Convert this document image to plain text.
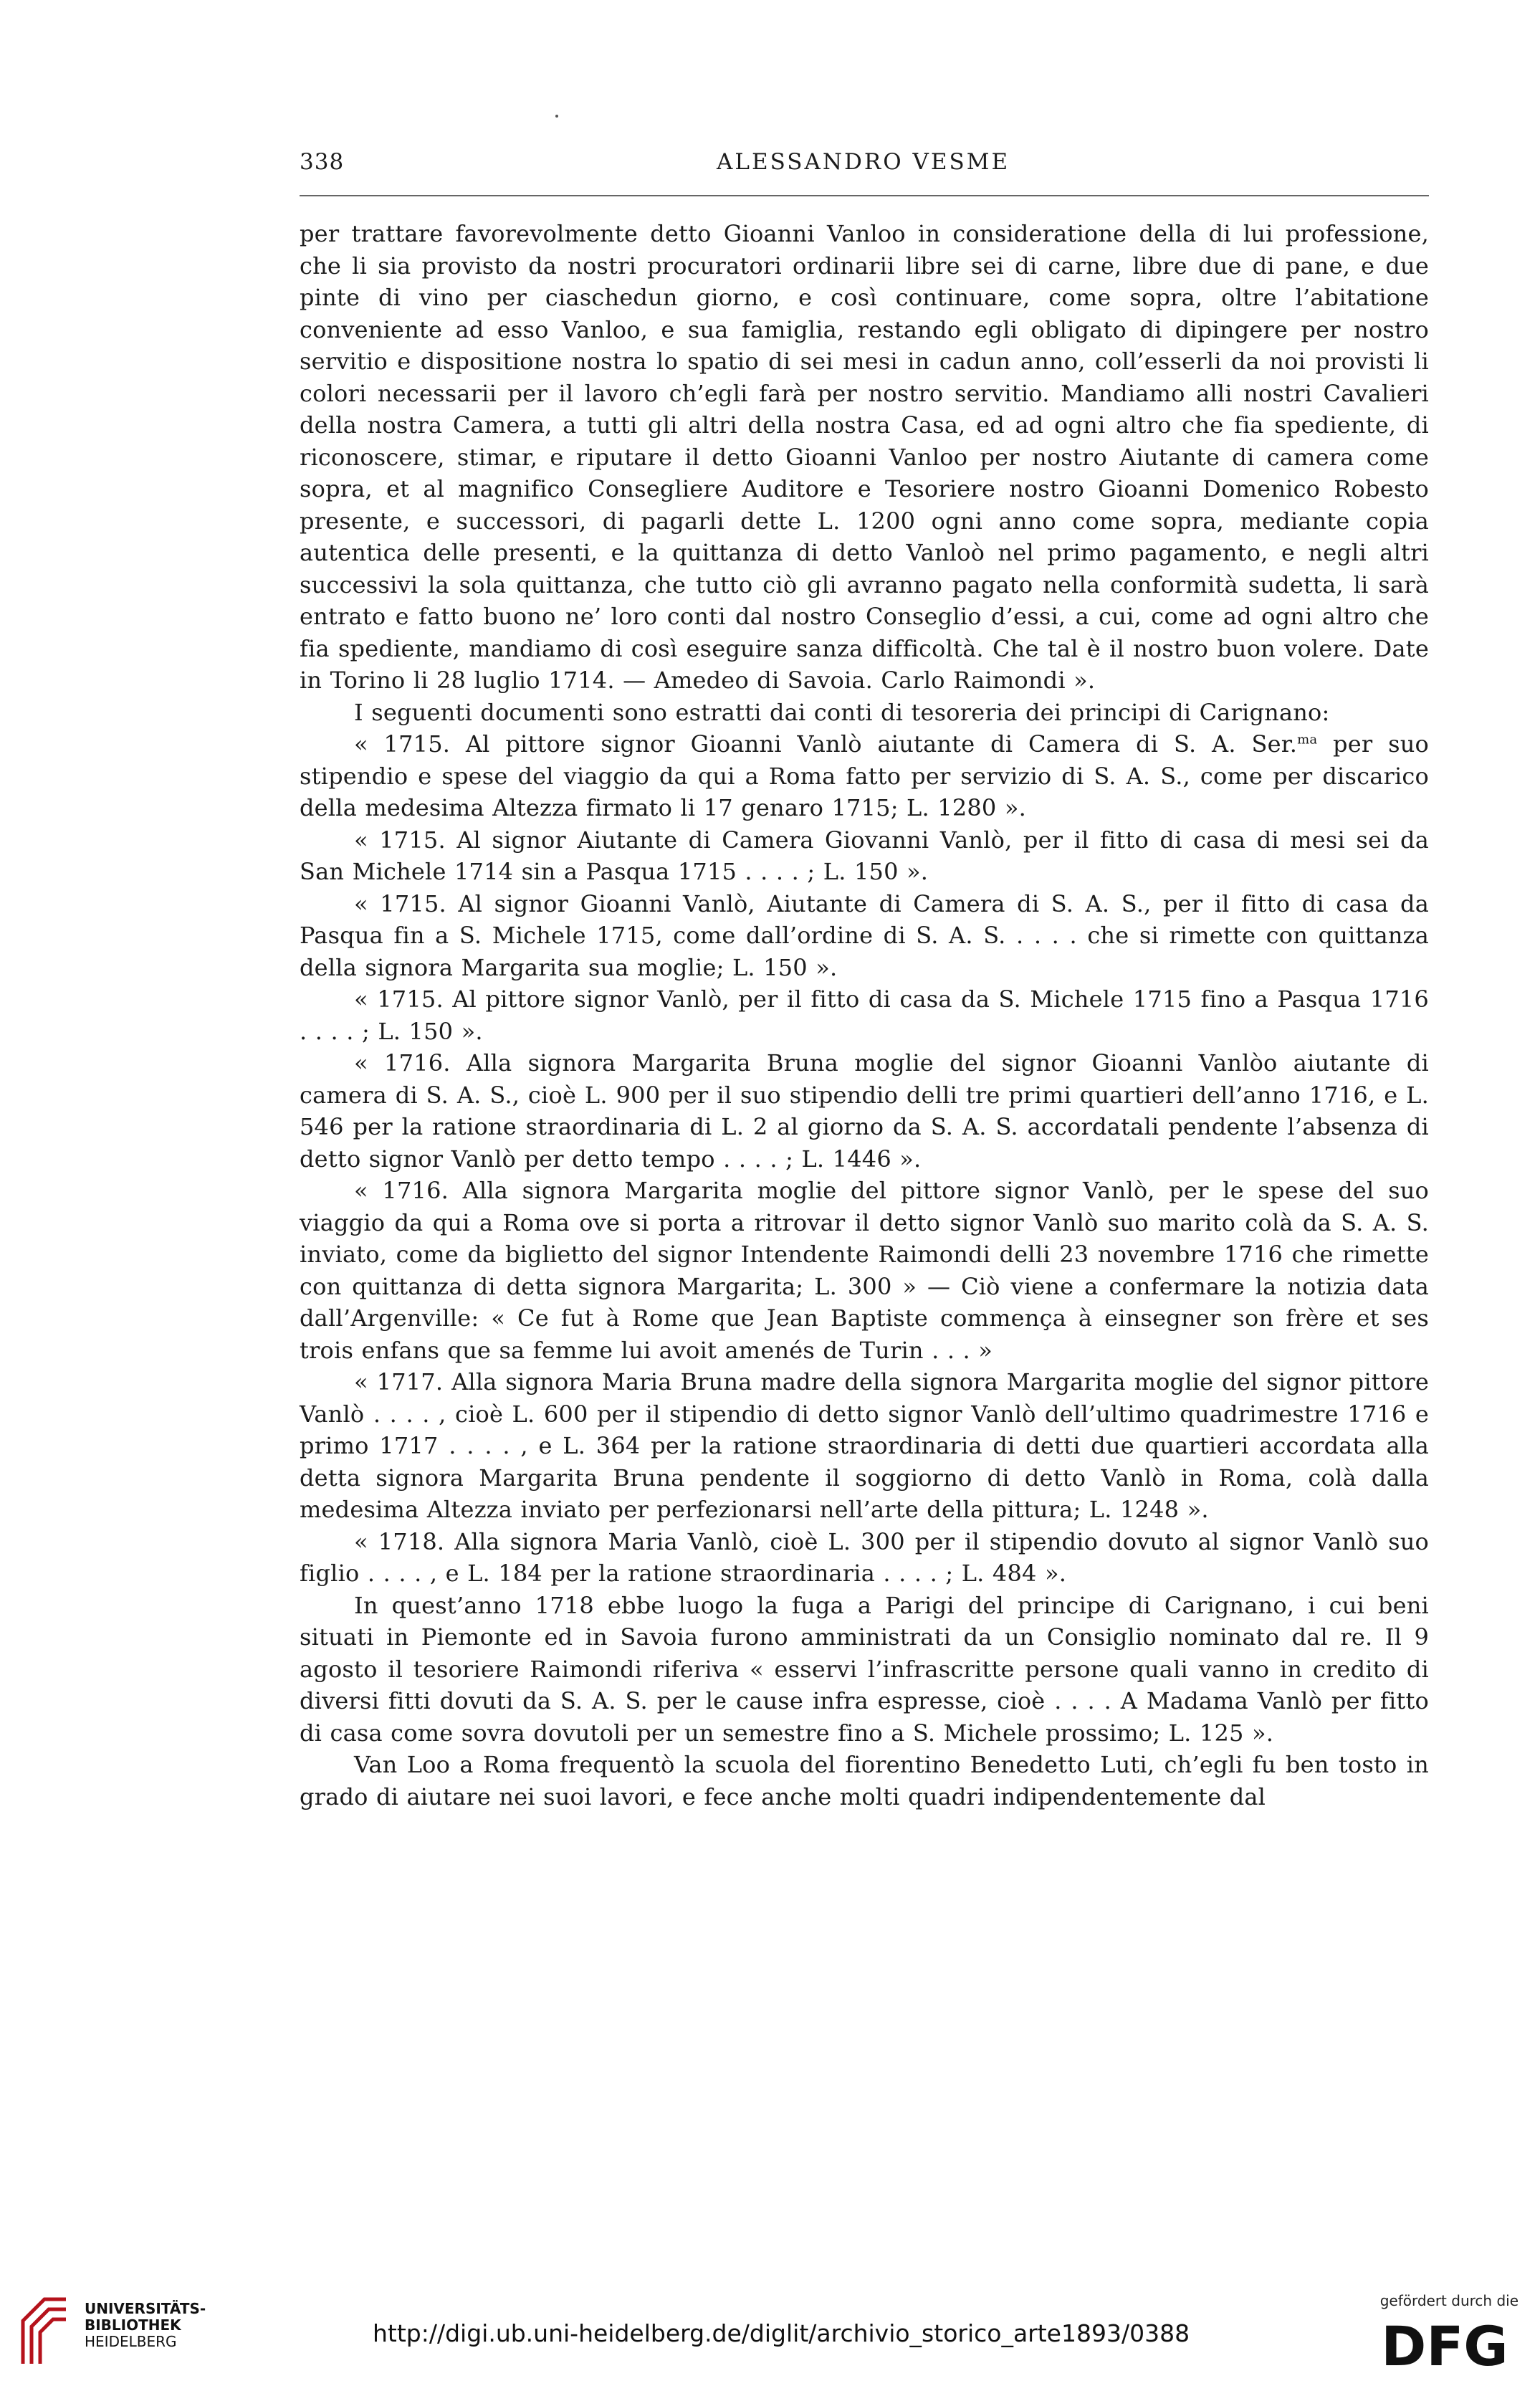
338	ALESSANDRO VESME

per trattare favorevolmente detto Gioanni Vanloo in consideratione della di lui professione, che li sia provisto da nostri procuratori ordinarii libre sei di carne, libre due di pane, e due pinte di vino per ciaschedun giorno, e così continuare, come sopra, oltre l’abitatione conveniente ad esso Vanloo, e sua famiglia, restando egli obligato di dipingere per nostro servitio e dispositione nostra lo spatio di sei mesi in cadun anno, coll’esserli da noi provisti li colori necessarii per il lavoro ch’egli farà per nostro servitio. Mandiamo alli nostri Cavalieri della nostra Camera, a tutti gli altri della nostra Casa, ed ad ogni altro che fia spediente, di riconoscere, stimar, e riputare il detto Gioanni Vanloo per nostro Aiutante di camera come sopra, et al magnifico Consegliere Auditore e Tesoriere nostro Gioanni Domenico Robesto presente, e successori, di pagarli dette L. 1200 ogni anno come sopra, mediante copia autentica delle presenti, e la quittanza di detto Vanloò nel primo pagamento, e negli altri successivi la sola quittanza, che tutto ciò gli avranno pagato nella conformità sudetta, li sarà entrato e fatto buono ne’ loro conti dal nostro Conseglio d’essi, a cui, come ad ogni altro che fia spediente, mandiamo di così eseguire sanza difficoltà. Che tal è il nostro buon volere. Date in Torino li 28 luglio 1714. — Amedeo di Savoia. Carlo Raimondi ».

I seguenti documenti sono estratti dai conti di tesoreria dei principi di Carignano:

« 1715. Al pittore signor Gioanni Vanlò aiutante di Camera di S. A. Ser.$^{ma}$ per suo stipendio e spese del viaggio da qui a Roma fatto per servizio di S. A. S., come per discarico della medesima Altezza firmato li 17 genaro 1715; L. 1280 ».

« 1715. Al signor Aiutante di Camera Giovanni Vanlò, per il fitto di casa di mesi sei da San Michele 1714 sin a Pasqua 1715 . . . . ; L. 150 ».

« 1715. Al signor Gioanni Vanlò, Aiutante di Camera di S. A. S., per il fitto di casa da Pasqua fin a S. Michele 1715, come dall’ordine di S. A. S. . . . . che si rimette con quittanza della signora Margarita sua moglie; L. 150 ».

« 1715. Al pittore signor Vanlò, per il fitto di casa da S. Michele 1715 fino a Pasqua 1716 . . . . ; L. 150 ».

« 1716. Alla signora Margarita Bruna moglie del signor Gioanni Vanlòo aiutante di camera di S. A. S., cioè L. 900 per il suo stipendio delli tre primi quartieri dell’anno 1716, e L. 546 per la ratione straordinaria di L. 2 al giorno da S. A. S. accordatali pendente l’absenza di detto signor Vanlò per detto tempo . . . . ; L. 1446 ».

« 1716. Alla signora Margarita moglie del pittore signor Vanlò, per le spese del suo viaggio da qui a Roma ove si porta a ritrovar il detto signor Vanlò suo marito colà da S. A. S. inviato, come da biglietto del signor Intendente Raimondi delli 23 novembre 1716 che rimette con quittanza di detta signora Margarita; L. 300 » — Ciò viene a confermare la notizia data dall’Argenville: « Ce fut à Rome que Jean Baptiste commença à einsegner son frère et ses trois enfans que sa femme lui avoit amenés de Turin . . . »

« 1717. Alla signora Maria Bruna madre della signora Margarita moglie del signor pittore Vanlò . . . . , cioè L. 600 per il stipendio di detto signor Vanlò dell’ultimo quadrimestre 1716 e primo 1717 . . . . , e L. 364 per la ratione straordinaria di detti due quartieri accordata alla detta signora Margarita Bruna pendente il soggiorno di detto Vanlò in Roma, colà dalla medesima Altezza inviato per perfezionarsi nell’arte della pittura; L. 1248 ».

« 1718. Alla signora Maria Vanlò, cioè L. 300 per il stipendio dovuto al signor Vanlò suo figlio . . . . , e L. 184 per la ratione straordinaria . . . . ; L. 484 ».

In quest’anno 1718 ebbe luogo la fuga a Parigi del principe di Carignano, i cui beni situati in Piemonte ed in Savoia furono amministrati da un Consiglio nominato dal re. Il 9 agosto il tesoriere Raimondi riferiva « esservi l’infrascritte persone quali vanno in credito di diversi fitti dovuti da S. A. S. per le cause infra espresse, cioè . . . . A Madama Vanlò per fitto di casa come sovra dovutoli per un semestre fino a S. Michele prossimo; L. 125 ».

Van Loo a Roma frequentò la scuola del fiorentino Benedetto Luti, ch’egli fu ben tosto in grado di aiutare nei suoi lavori, e fece anche molti quadri indipendentemente dal

UNIVERSITÄTS-
BIBLIOTHEK
HEIDELBERG	http://digi.ub.uni-heidelberg.de/diglit/archivio_storico_arte1893/0388
gefördert durch die
DFG
